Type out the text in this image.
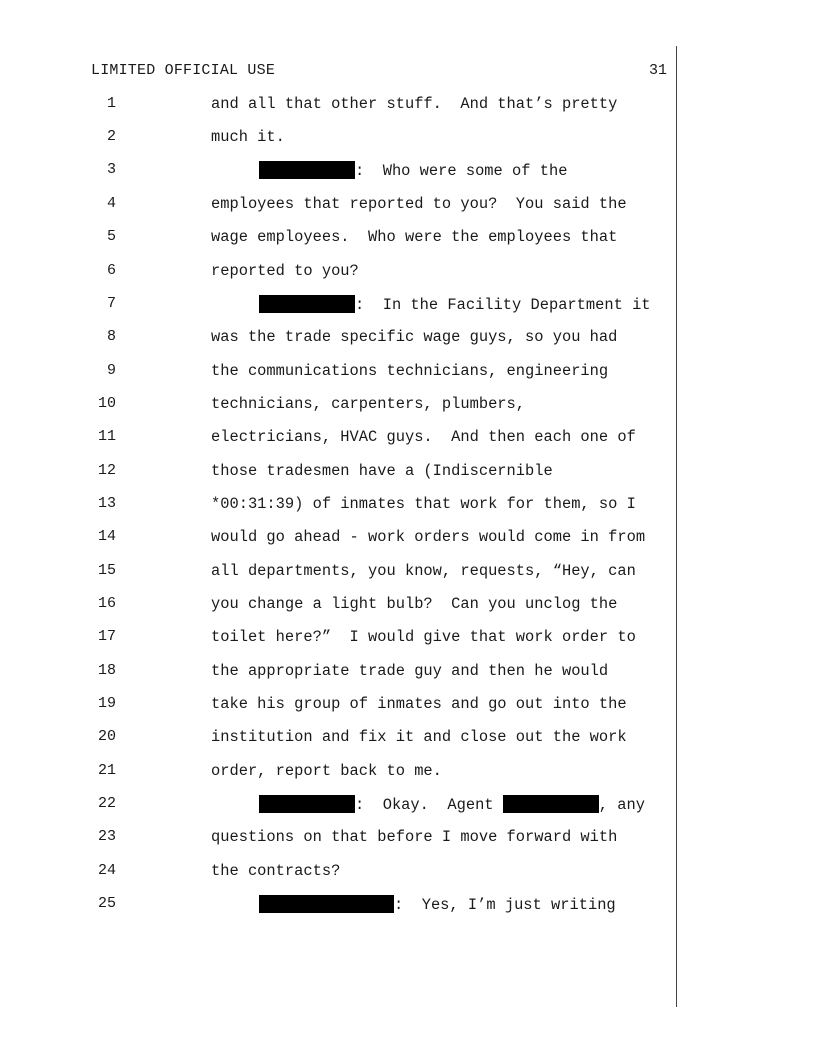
LIMITED OFFICIAL USE	31
1	and all that other stuff.  And that’s pretty
2	much it.
3	:  Who were some of the
4	employees that reported to you?  You said the
5	wage employees.  Who were the employees that
6	reported to you?
7	:  In the Facility Department it
8	was the trade specific wage guys, so you had
9	the communications technicians, engineering
10	technicians, carpenters, plumbers,
11	electricians, HVAC guys.  And then each one of
12	those tradesmen have a (Indiscernible
13	*00:31:39) of inmates that work for them, so I
14	would go ahead - work orders would come in from
15	all departments, you know, requests, “Hey, can
16	you change a light bulb?  Can you unclog the
17	toilet here?”  I would give that work order to
18	the appropriate trade guy and then he would
19	take his group of inmates and go out into the
20	institution and fix it and close out the work
21	order, report back to me.
22	:  Okay.  Agent	, any
23	questions on that before I move forward with
24	the contracts?
25	:  Yes, I’m just writing
